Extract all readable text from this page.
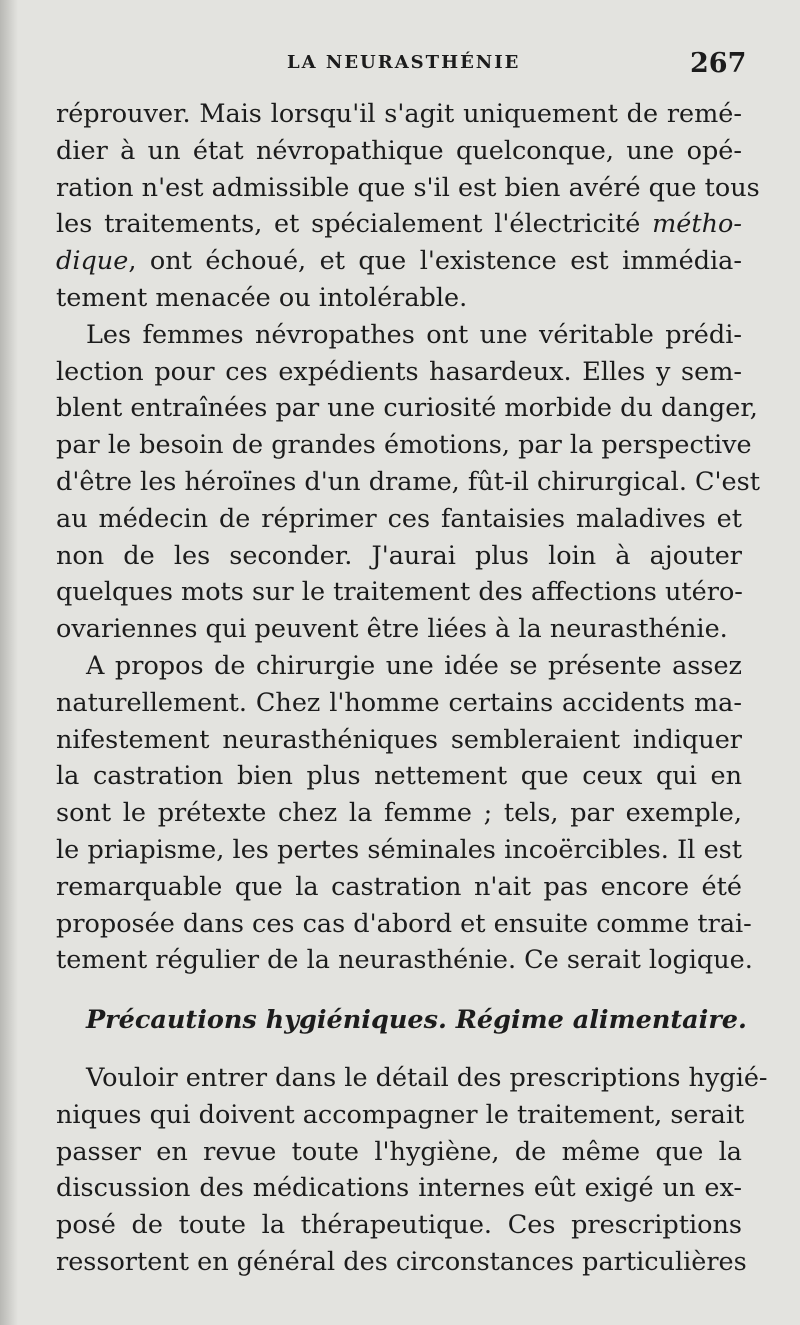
LA NEURASTHÉNIE	267
réprouver. Mais lorsqu'il s'agit uniquement de remé-
dier à un état névropathique quelconque, une opé-
ration n'est admissible que s'il est bien avéré que tous
les traitements, et spécialement l'électricité métho-
dique, ont échoué, et que l'existence est immédia-
tement menacée ou intolérable.
Les femmes névropathes ont une véritable prédi-
lection pour ces expédients hasardeux. Elles y sem-
blent entraînées par une curiosité morbide du danger,
par le besoin de grandes émotions, par la perspective
d'être les héroïnes d'un drame, fût-il chirurgical. C'est
au médecin de réprimer ces fantaisies maladives et
non de les seconder. J'aurai plus loin à ajouter
quelques mots sur le traitement des affections utéro-
ovariennes qui peuvent être liées à la neurasthénie.
A propos de chirurgie une idée se présente assez
naturellement. Chez l'homme certains accidents ma-
nifestement neurasthéniques sembleraient indiquer
la castration bien plus nettement que ceux qui en
sont le prétexte chez la femme ; tels, par exemple,
le priapisme, les pertes séminales incoërcibles. Il est
remarquable que la castration n'ait pas encore été
proposée dans ces cas d'abord et ensuite comme trai-
tement régulier de la neurasthénie. Ce serait logique.
Précautions hygiéniques. Régime alimentaire.
Vouloir entrer dans le détail des prescriptions hygié-
niques qui doivent accompagner le traitement, serait
passer en revue toute l'hygiène, de même que la
discussion des médications internes eût exigé un ex-
posé de toute la thérapeutique. Ces prescriptions
ressortent en général des circonstances particulières
